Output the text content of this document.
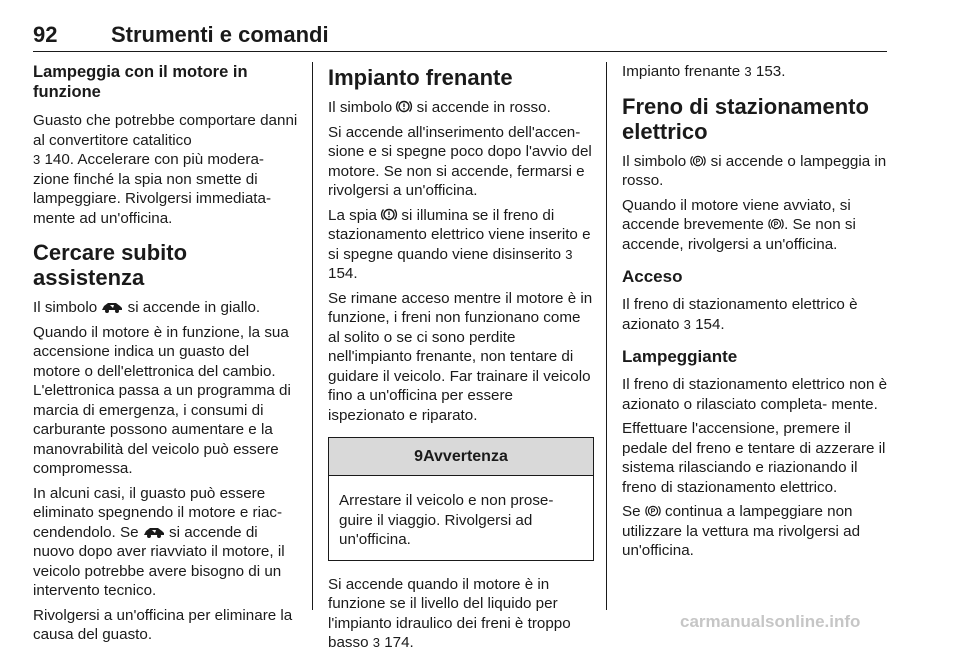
92	Strumenti e comandi
Lampeggia con il motore in funzione

Guasto che potrebbe comportare danni al convertitore catalitico
3 140. Accelerare con più modera- zione finché la spia non smette di lampeggiare. Rivolgersi immediata- mente ad un'officina.

Cercare subito assistenza

Il simbolo  si accende in giallo.

Quando il motore è in funzione, la sua accensione indica un guasto del motore o dell'elettronica del cambio. L'elettronica passa a un programma di marcia di emergenza, i consumi di carburante possono aumentare e la manovrabilità del veicolo può essere compromessa.

In alcuni casi, il guasto può essere eliminato spegnendo il motore e riac- cendendolo. Se  si accende di nuovo dopo aver riavviato il motore, il veicolo potrebbe avere bisogno di un intervento tecnico.

Rivolgersi a un'officina per eliminare la causa del guasto.

Impianto frenante

Il simbolo  si accende in rosso.

Si accende all'inserimento dell'accen- sione e si spegne poco dopo l'avvio del motore. Se non si accende, fermarsi e rivolgersi a un'officina.

La spia  si illumina se il freno di stazionamento elettrico viene inserito e si spegne quando viene disinserito 3 154.

Se rimane acceso mentre il motore è in funzione, i freni non funzionano come al solito o se ci sono perdite nell'impianto frenante, non tentare di guidare il veicolo. Far trainare il veicolo fino a un'officina per essere ispezionato e riparato.

9Avvertenza
Arrestare il veicolo e non prose- guire il viaggio. Rivolgersi ad un'officina.

Si accende quando il motore è in funzione se il livello del liquido per l'impianto idraulico dei freni è troppo basso 3 174.

Impianto frenante 3 153.

Freno di stazionamento elettrico

Il simbolo P si accende o lampeggia in rosso.

Quando il motore viene avviato, si accende brevemente P . Se non si accende, rivolgersi a un'officina.

Acceso

Il freno di stazionamento elettrico è azionato 3 154.

Lampeggiante

Il freno di stazionamento elettrico non è azionato o rilasciato completa- mente.

Effettuare l'accensione, premere il pedale del freno e tentare di azzerare il sistema rilasciando e riazionando il freno di stazionamento elettrico.

Se P continua a lampeggiare non utilizzare la vettura ma rivolgersi ad un'officina.

carmanualsonline.info
